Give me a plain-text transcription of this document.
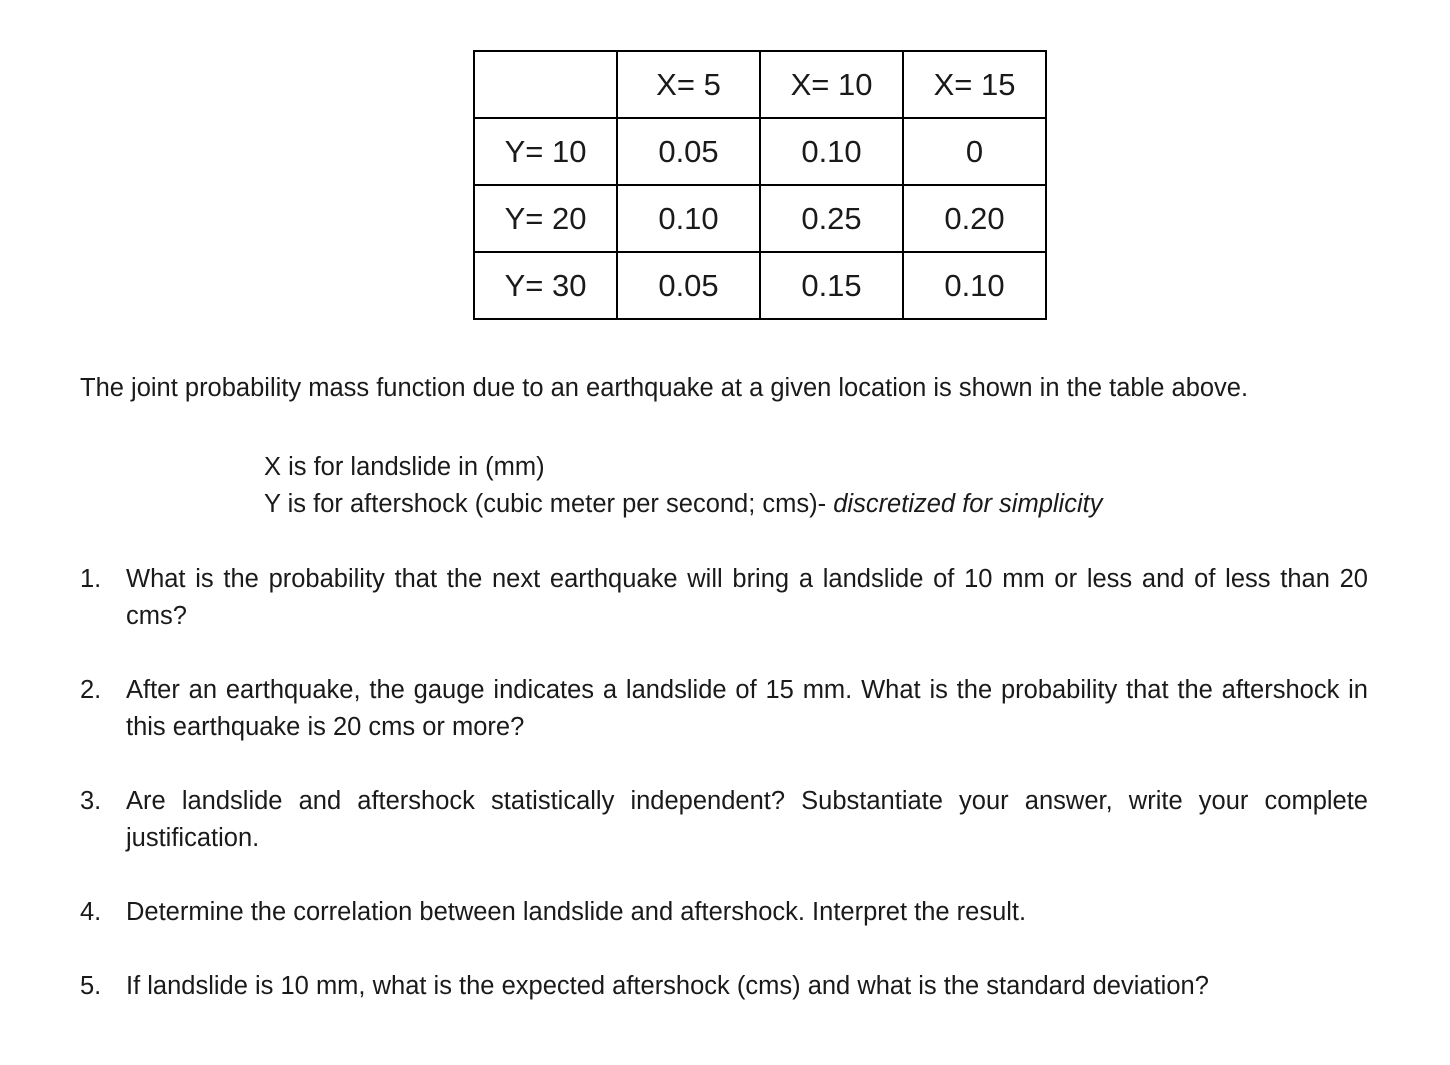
	X= 5	X= 10	X= 15
Y= 10	0.05	0.10	0
Y= 20	0.10	0.25	0.20
Y= 30	0.05	0.15	0.10

The joint probability mass function due to an earthquake at a given location is shown in the table above.

X is for landslide in (mm)
Y is for aftershock (cubic meter per second; cms)- discretized for simplicity
1. What is the probability that the next earthquake will bring a landslide of 10 mm or less and of less than 20 cms?
2. After an earthquake, the gauge indicates a landslide of 15 mm. What is the probability that the aftershock in this earthquake is 20 cms or more?
3. Are landslide and aftershock statistically independent? Substantiate your answer, write your complete justification.
4. Determine the correlation between landslide and aftershock. Interpret the result.
5. If landslide is 10 mm, what is the expected aftershock (cms) and what is the standard deviation?
